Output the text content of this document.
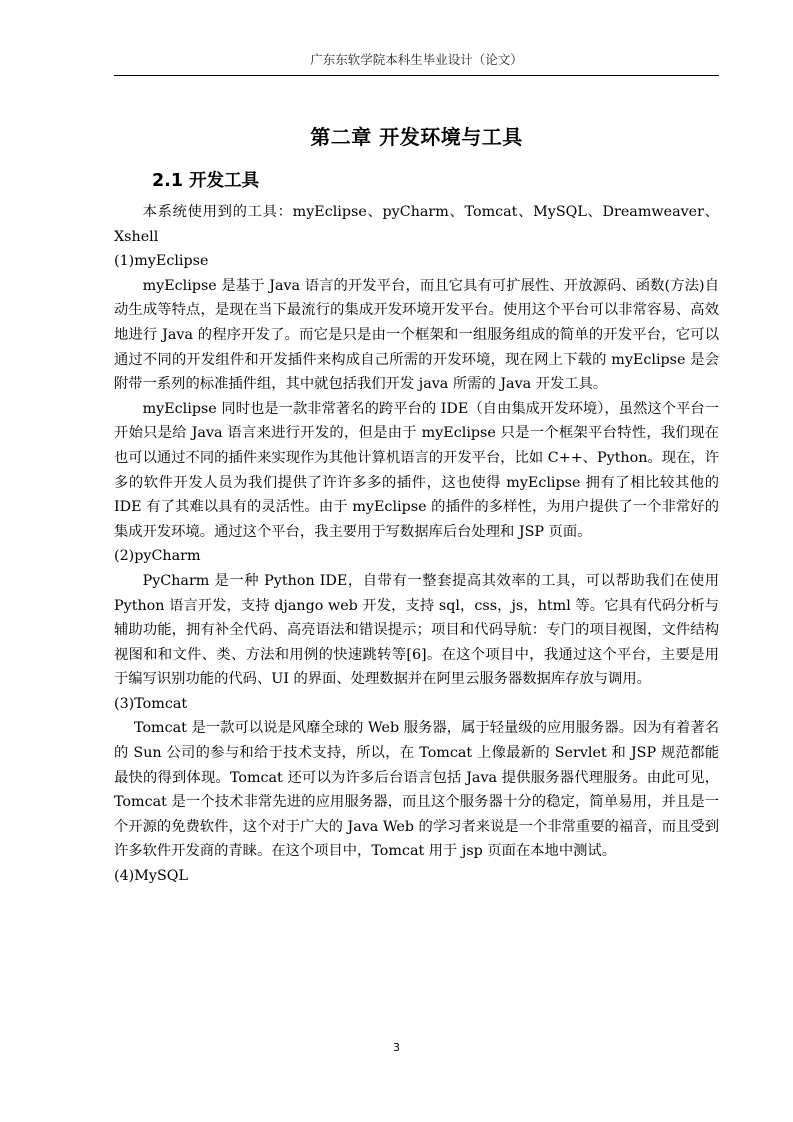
广东东软学院本科生毕业设计（论文）
第二章 开发环境与工具
2.1 开发工具

本系统使用到的工具：myEclipse、pyCharm、Tomcat、MySQL、Dreamweaver、 Xshell

(1)myEclipse

myEclipse 是基于 Java 语言的开发平台，而且它具有可扩展性、开放源码、函数(方法)自动生成等特点，是现在当下最流行的集成开发环境开发平台。使用这个平台可以非常容易、高效地进行 Java 的程序开发了。而它是只是由一个框架和一组服务组成的简单的开发平台，它可以通过不同的开发组件和开发插件来构成自己所需的开发环境，现在网上下载的 myEclipse 是会附带一系列的标准插件组，其中就包括我们开发 java 所需的 Java 开发工具。

myEclipse 同时也是一款非常著名的跨平台的 IDE（自由集成开发环境），虽然这个平台一开始只是给 Java 语言来进行开发的，但是由于 myEclipse 只是一个框架平台特性，我们现在也可以通过不同的插件来实现作为其他计算机语言的开发平台，比如 C++、Python。现在，许多的软件开发人员为我们提供了许许多多的插件，这也使得 myEclipse 拥有了相比较其他的 IDE 有了其难以具有的灵活性。由于 myEclipse 的插件的多样性，为用户提供了一个非常好的集成开发环境。通过这个平台，我主要用于写数据库后台处理和 JSP 页面。

(2)pyCharm

PyCharm 是一种 Python IDE，自带有一整套提高其效率的工具，可以帮助我们在使用 Python 语言开发，支持 django web 开发，支持 sql，css，js，html 等。它具有代码分析与辅助功能，拥有补全代码、高亮语法和错误提示；项目和代码导航：专门的项目视图，文件结构视图和和文件、类、方法和用例的快速跳转等[6]。在这个项目中，我通过这个平台，主要是用于编写识别功能的代码、UI 的界面、处理数据并在阿里云服务器数据库存放与调用。

(3)Tomcat

Tomcat 是一款可以说是风靡全球的 Web 服务器，属于轻量级的应用服务器。因为有着著名的 Sun 公司的参与和给于技术支持，所以，在 Tomcat 上像最新的 Servlet 和 JSP 规范都能最快的得到体现。Tomcat 还可以为许多后台语言包括 Java 提供服务器代理服务。由此可见，Tomcat 是一个技术非常先进的应用服务器，而且这个服务器十分的稳定，简单易用，并且是一个开源的免费软件，这个对于广大的 Java Web 的学习者来说是一个非常重要的福音，而且受到许多软件开发商的青睐。在这个项目中，Tomcat 用于 jsp 页面在本地中测试。

(4)MySQL

3
